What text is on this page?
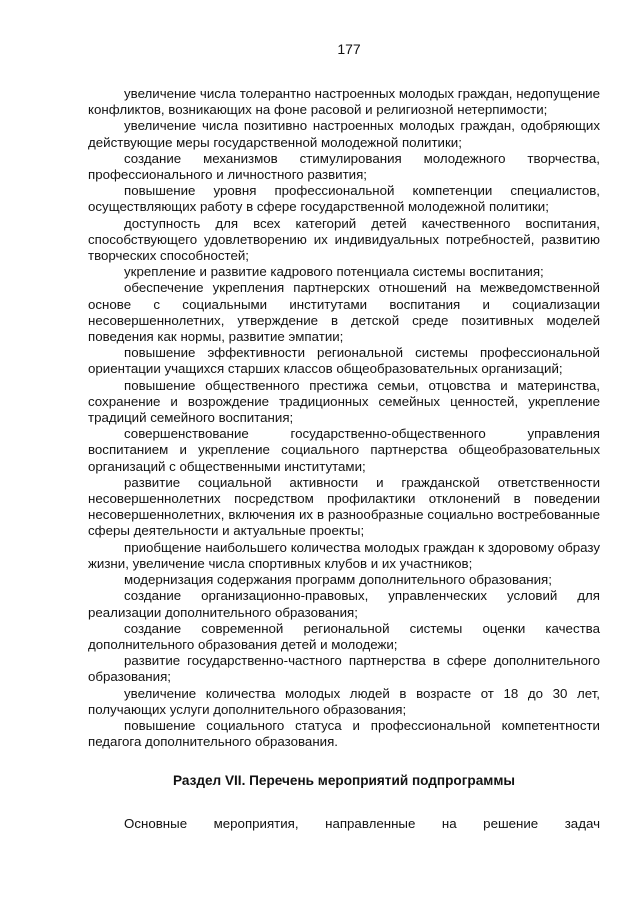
177

увеличение числа толерантно настроенных молодых граждан, недопущение конфликтов, возникающих на фоне расовой и религиозной нетерпимости;

увеличение числа позитивно настроенных молодых граждан, одобряющих действующие меры государственной молодежной политики;

создание механизмов стимулирования молодежного творчества, профессионального и личностного развития;

повышение уровня профессиональной компетенции специалистов, осуществляющих работу в сфере государственной молодежной политики;

доступность для всех категорий детей качественного воспитания, способствующего удовлетворению их индивидуальных потребностей, развитию творческих способностей;

укрепление и развитие кадрового потенциала системы воспитания;

обеспечение укрепления партнерских отношений на межведомственной основе с социальными институтами воспитания и социализации несовершеннолетних, утверждение в детской среде позитивных моделей поведения как нормы, развитие эмпатии;

повышение эффективности региональной системы профессиональной ориентации учащихся старших классов общеобразовательных организаций;

повышение общественного престижа семьи, отцовства и материнства, сохранение и возрождение традиционных семейных ценностей, укрепление традиций семейного воспитания;

совершенствование государственно-общественного управления воспитанием и укрепление социального партнерства общеобразовательных организаций с общественными институтами;

развитие социальной активности и гражданской ответственности несовершеннолетних посредством профилактики отклонений в поведении несовершеннолетних, включения их в разнообразные социально востребованные сферы деятельности и актуальные проекты;

приобщение наибольшего количества молодых граждан к здоровому образу жизни, увеличение числа спортивных клубов и их участников;

модернизация содержания программ дополнительного образования;

создание организационно-правовых, управленческих условий для реализации дополнительного образования;

создание современной региональной системы оценки качества дополнительного образования детей и молодежи;

развитие государственно-частного партнерства в сфере дополнительного образования;

увеличение количества молодых людей в возрасте от 18 до 30 лет, получающих услуги дополнительного образования;

повышение социального статуса и профессиональной компетентности педагога дополнительного образования.

Раздел VII. Перечень мероприятий подпрограммы

Основные мероприятия, направленные на решение задач
